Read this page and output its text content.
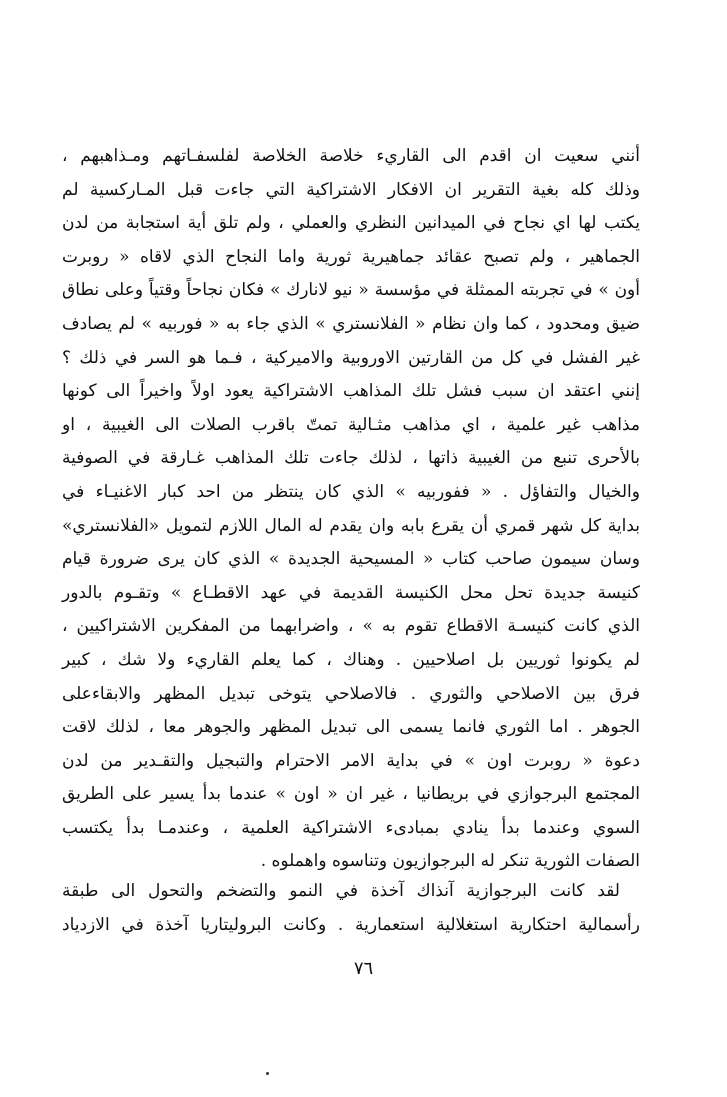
أنني سعيت ان اقدم الى القاريء خلاصة الخلاصة لفلسفـاتهم ومـذاهبهم ،
وذلك كله بغية التقرير ان الافكار الاشتراكية التي جاءت قبل المـاركسية لم
يكتب لها اي نجاح في الميدانين النظري والعملي ، ولم تلق أية استجابة من لدن
الجماهير ، ولم تصبح عقائد جماهيرية ثورية واما النجاح الذي لاقاه « روبرت
أون » في تجربته الممثلة في مؤسسة « نيو لانارك » فكان نجاحاً وقتياً وعلى نطاق
ضيق ومحدود ، كما وان نظام « الفلانستري » الذي جاء به « فوربيه » لم يصادف
غير الفشل في كل من القارتين الاوروبية والاميركية ، فـما هو السر في ذلك ؟
إنني اعتقد ان سبب فشل تلك المذاهب الاشتراكية يعود اولاً واخيراً الى كونها
مذاهب غير علمية ، اي مذاهب مثـالية تمتّ باقرب الصلات الى الغيبية ، او
بالأحرى تنبع من الغيبية ذاتها ، لذلك جاءت تلك المذاهب غـارقة في الصوفية
والخيال والتفاؤل . « ففوربيه » الذي كان ينتظر من احد كبار الاغنيـاء في
بداية كل شهر قمري أن يقرع بابه وان يقدم له المال اللازم لتمويل «الفلانستري»
وسان سيمون صاحب كتاب « المسيحية الجديدة » الذي كان يرى ضرورة قيام
كنيسة جديدة تحل محل الكنيسة القديمة في عهد الاقطـاع » وتقـوم بالدور
الذي كانت كنيسـة الاقطاع تقوم به » ، واضرابهما من المفكرين الاشتراكيين ،
لم يكونوا ثوريين بل اصلاحيين . وهناك ، كما يعلم القاريء ولا شك ، كبير
فرق بين الاصلاحي والثوري . فالاصلاحي يتوخى تبديل المظهر والابقاءعلى
الجوهر . اما الثوري فانما يسمى الى تبديل المظهر والجوهر معا ، لذلك لاقت
دعوة « روبرت اون » في بداية الامر الاحترام والتبجيل والتقـدير من لدن
المجتمع البرجوازي في بريطانيا ، غير ان « اون » عندما بدأ يسير على الطريق
السوي وعندما بدأ ينادي بمبادىء الاشتراكية العلمية ، وعندمـا بدأ يكتسب
الصفات الثورية تنكر له البرجوازيون وتناسوه واهملوه .
لقد كانت البرجوازية آنذاك آخذة في النمو والتضخم والتحول الى طبقة
رأسمالية احتكارية استغلالية استعمارية . وكانت البروليتاريا آخذة في الازدياد
٧٦
